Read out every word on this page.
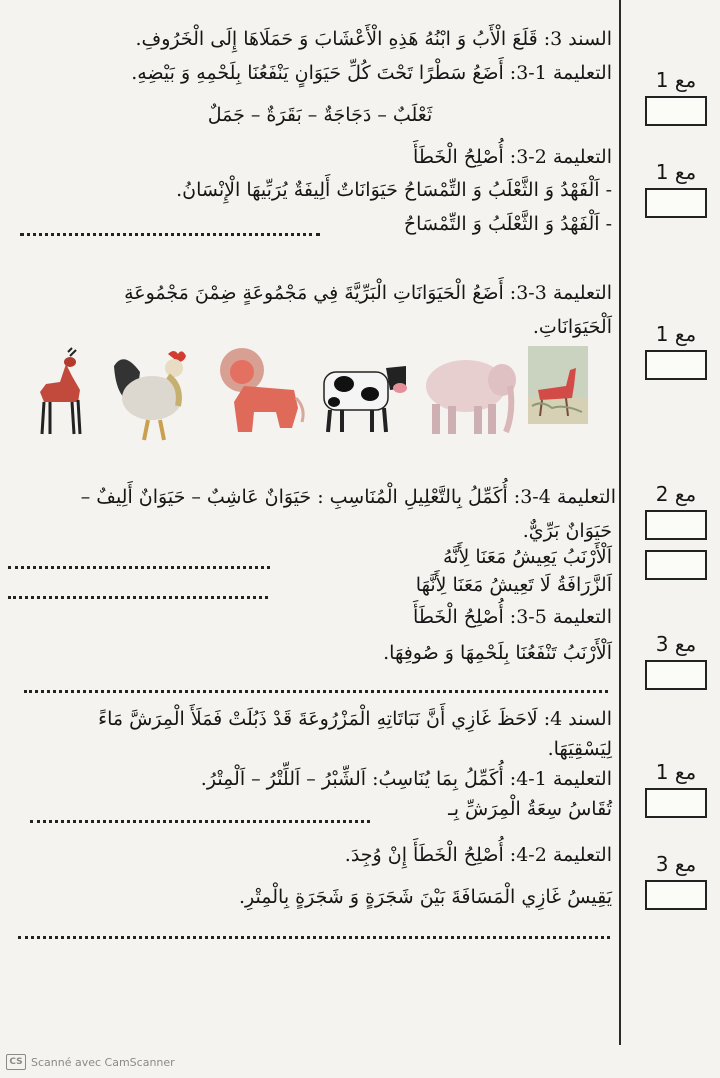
السند 3: قَلَعَ الْأَبُ وَ ابْنُهُ هَذِهِ الْأَعْشَابَ وَ حَمَلَاهَا إِلَى الْخَرُوفِ.
التعليمة 1-3: أَضَعُ سَطْرًا تَحْتَ كُلِّ حَيَوَانٍ يَنْفَعُنَا بِلَحْمِهِ وَ بَيْضِهِ.
ثَعْلَبٌ – دَجَاجَةٌ – بَقَرَةٌ – جَمَلٌ
التعليمة 2-3: أُصْلِحُ الْخَطَأَ
- اَلْفَهْدُ وَ الثَّعْلَبُ وَ التِّمْسَاحُ حَيَوَانَاتٌ أَلِيفَةٌ يُرَبِّيهَا الْإِنْسَانُ.
- اَلْفَهْدُ وَ الثَّعْلَبُ وَ التِّمْسَاحُ
التعليمة 3-3: أَضَعُ الْحَيَوَانَاتِ الْبَرِّيَّةَ فِي مَجْمُوعَةٍ ضِمْنَ مَجْمُوعَةِ
اَلْحَيَوَانَاتِ.
التعليمة 4-3: أُكَمِّلُ بِالتَّعْلِيلِ الْمُنَاسِبِ : حَيَوَانٌ عَاشِبٌ – حَيَوَانٌ أَلِيفٌ –
حَيَوَانٌ بَرِّيٌّ.
اَلْأَرْنَبُ يَعِيشُ مَعَنَا لِأَنَّهُ
اَلزَّرَافَةُ لَا تَعِيشُ مَعَنَا لِأَنَّهَا
التعليمة 5-3: أُصْلِحُ الْخَطَأَ
اَلْأَرْنَبُ تَنْفَعُنَا بِلَحْمِهَا وَ صُوفِهَا.
السند 4: لَاحَظَ غَازِي أَنَّ نَبَاتَاتِهِ الْمَزْرُوعَةَ قَدْ ذَبُلَتْ فَمَلَأَ الْمِرَشَّ مَاءً
لِيَسْقِيَهَا.
التعليمة 1-4: أُكَمِّلُ بِمَا يُنَاسِبُ: اَلشِّبْرُ – اَللِّتْرُ – اَلْمِتْرُ.
تُقَاسُ سِعَةُ الْمِرَشِّ بِـ
التعليمة 2-4: أُصْلِحُ الْخَطَأَ إِنْ وُجِدَ.
يَقِيسُ غَازِي الْمَسَافَةَ بَيْنَ شَجَرَةٍ وَ شَجَرَةٍ بِالْمِتْرِ.
مع 1
مع 1
مع 1
مع 2
مع 3
مع 1
مع 3
CS Scanné avec CamScanner
